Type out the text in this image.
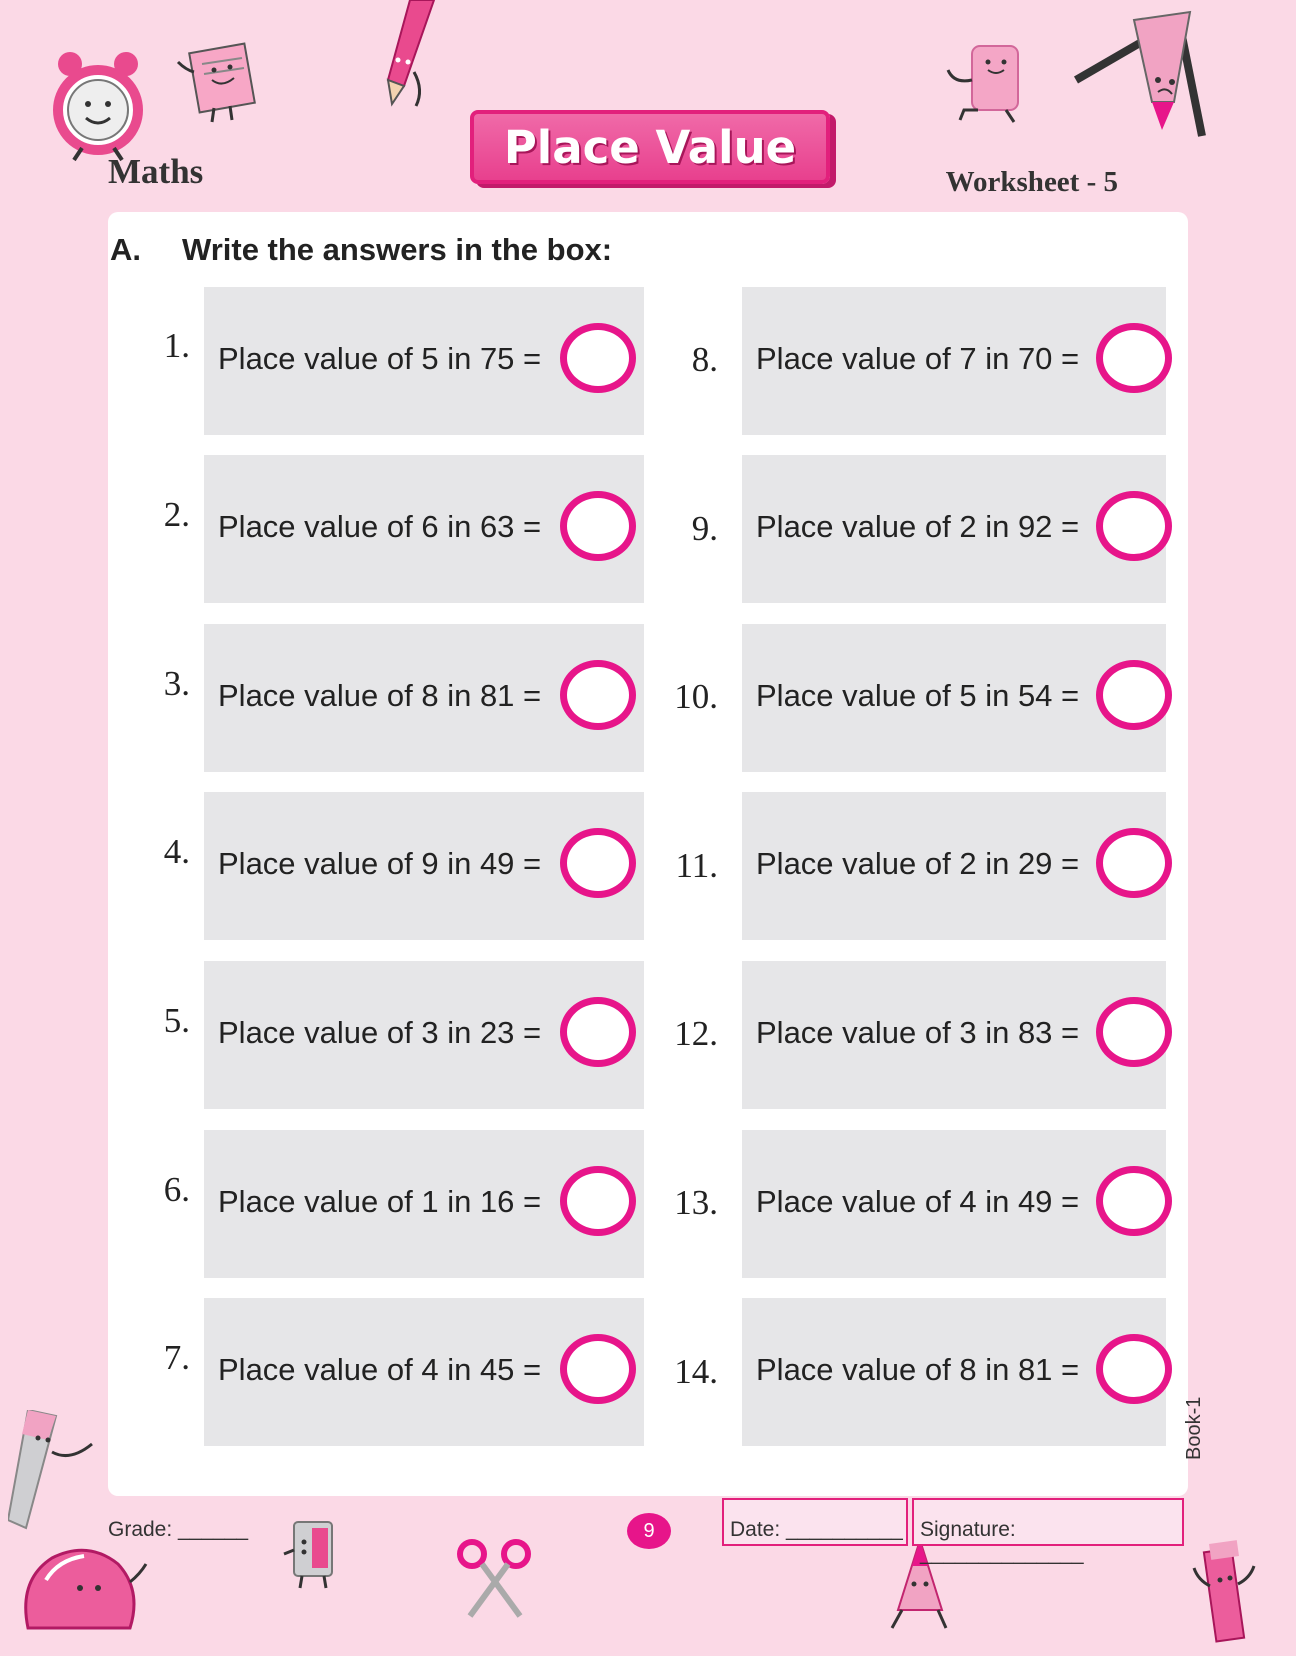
Maths	Place Value
Worksheet - 5
A. Write the answers in the box:
1. Place value of 5 in 75 =
2. Place value of 6 in 63 =
3. Place value of 8 in 81 =
4. Place value of 9 in 49 =
5. Place value of 3 in 23 =
6. Place value of 1 in 16 =
7. Place value of 4 in 45 =
8. Place value of 7 in 70 =
9. Place value of 2 in 92 =
10. Place value of 5 in 54 =
11. Place value of 2 in 29 =
12. Place value of 3 in 83 =
13. Place value of 4 in 49 =
14. Place value of 8 in 81 =
Book-1
Grade: ______	9	Date: __________ Signature: ______________
